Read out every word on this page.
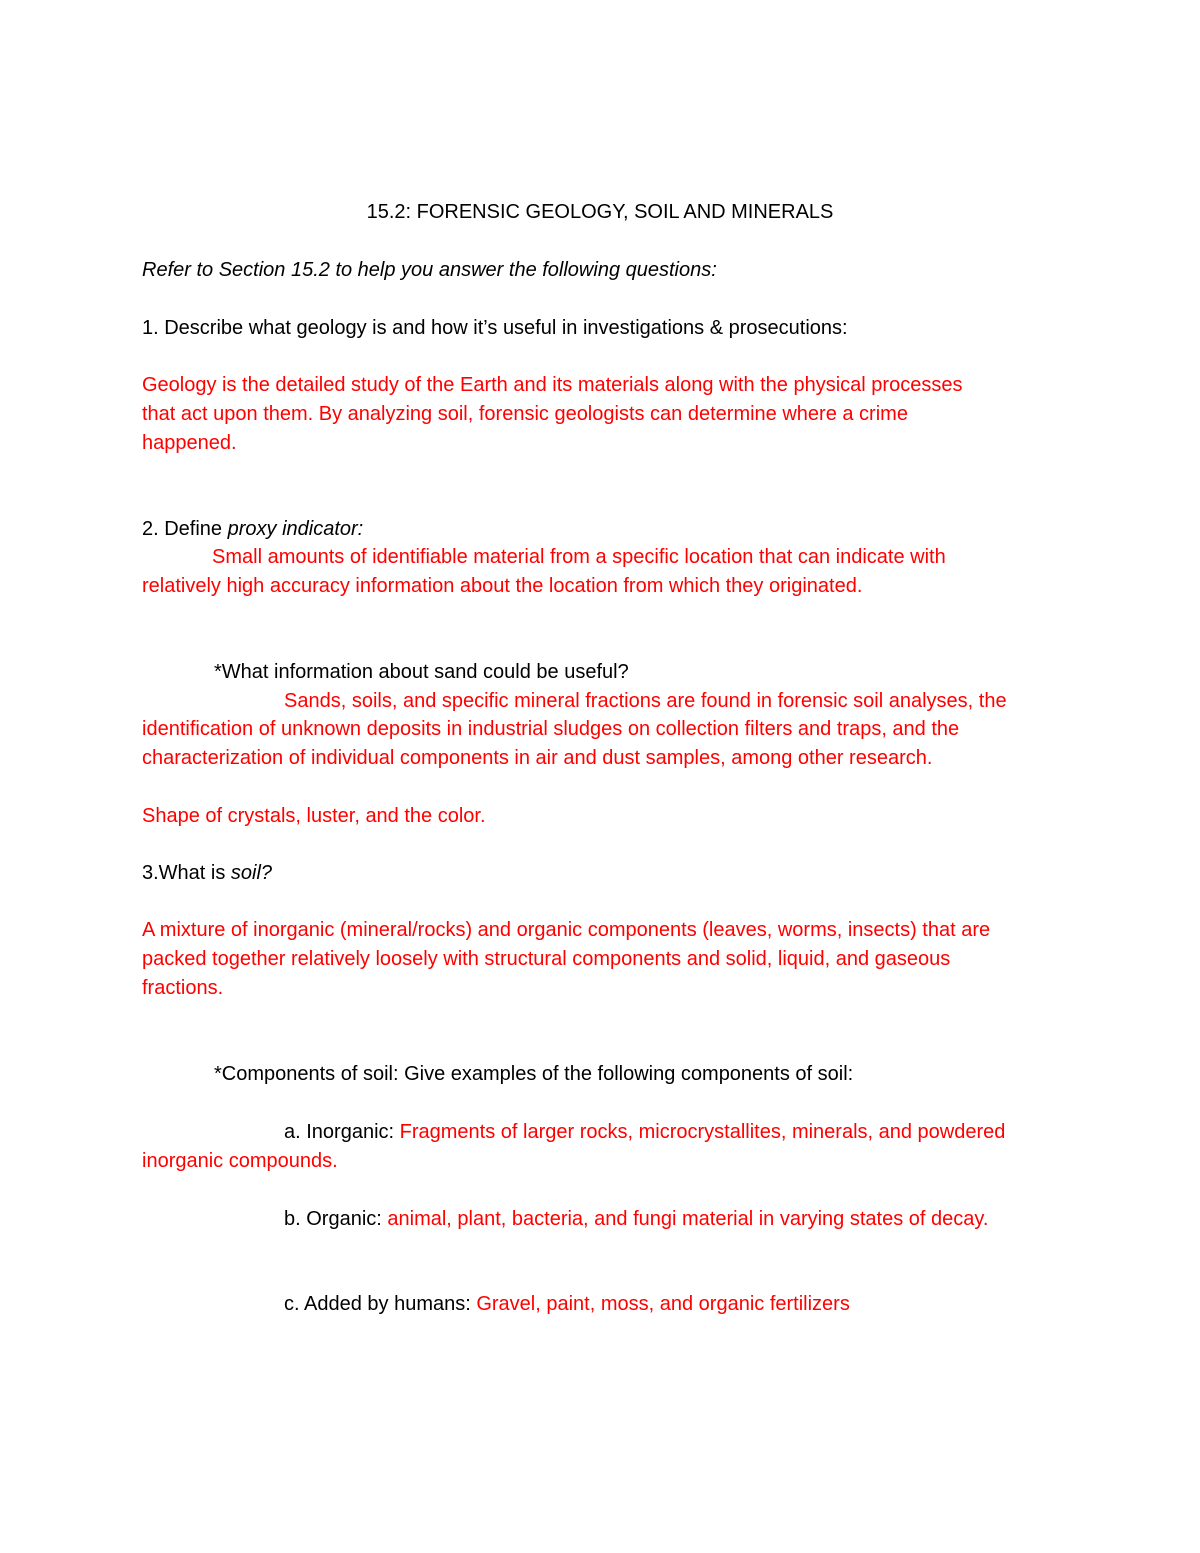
15.2: FORENSIC GEOLOGY, SOIL AND MINERALS
Refer to Section 15.2 to help you answer the following questions:
1. Describe what geology is and how it’s useful in investigations & prosecutions:
Geology is the detailed study of the Earth and its materials along with the physical processes
that act upon them. By analyzing soil, forensic geologists can determine where a crime
happened.
2. Define proxy indicator:
Small amounts of identifiable material from a specific location that can indicate with
relatively high accuracy information about the location from which they originated.
*What information about sand could be useful?
Sands, soils, and specific mineral fractions are found in forensic soil analyses, the
identification of unknown deposits in industrial sludges on collection filters and traps, and the
characterization of individual components in air and dust samples, among other research.
Shape of crystals, luster, and the color.
3.What is soil?
A mixture of inorganic (mineral/rocks) and organic components (leaves, worms, insects) that are
packed together relatively loosely with structural components and solid, liquid, and gaseous
fractions.
*Components of soil: Give examples of the following components of soil:
a. Inorganic: Fragments of larger rocks, microcrystallites, minerals, and powdered
inorganic compounds.
b. Organic: animal, plant, bacteria, and fungi material in varying states of decay.
c. Added by humans: Gravel, paint, moss, and organic fertilizers
